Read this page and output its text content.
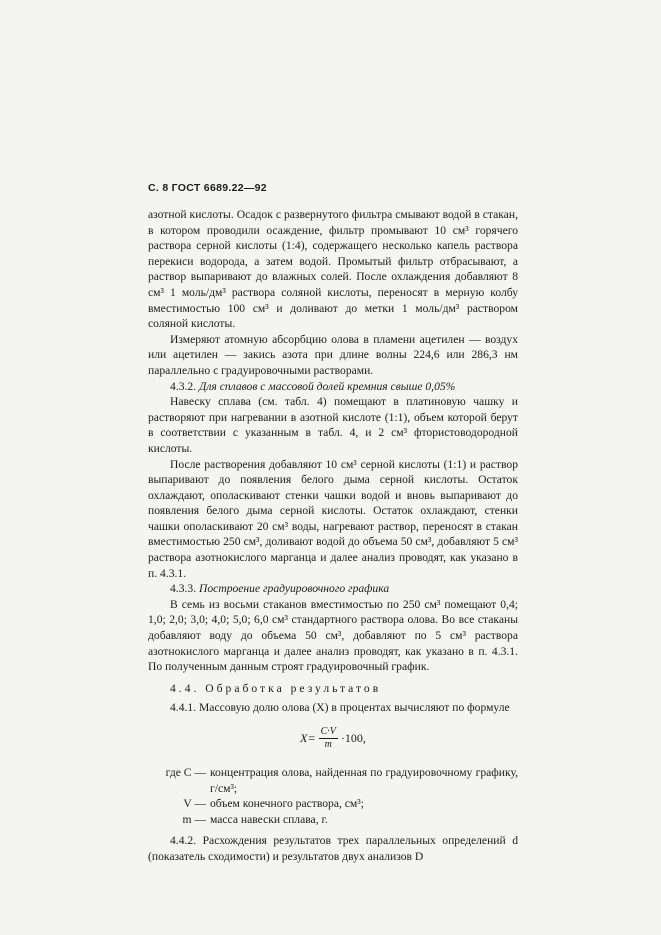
С. 8 ГОСТ 6689.22—92

азотной кислоты. Осадок с развернутого фильтра смывают водой в стакан, в котором проводили осаждение, фильтр промывают 10 см³ горячего раствора серной кислоты (1:4), содержащего несколько капель раствора перекиси водорода, а затем водой. Промытый фильтр отбрасывают, а раствор выпаривают до влажных солей. После охлаждения добавляют 8 см³ 1 моль/дм³ раствора соляной кислоты, переносят в мерную колбу вместимостью 100 см³ и доливают до метки 1 моль/дм³ раствором соляной кислоты.

Измеряют атомную абсорбцию олова в пламени ацетилен — воздух или ацетилен — закись азота при длине волны 224,6 или 286,3 нм параллельно с градуировочными растворами.

4.3.2. Для сплавов с массовой долей кремния свыше 0,05%

Навеску сплава (см. табл. 4) помещают в платиновую чашку и растворяют при нагревании в азотной кислоте (1:1), объем которой берут в соответствии с указанным в табл. 4, и 2 см³ фтористоводородной кислоты.

После растворения добавляют 10 см³ серной кислоты (1:1) и раствор выпаривают до появления белого дыма серной кислоты. Остаток охлаждают, ополаскивают стенки чашки водой и вновь выпаривают до появления белого дыма серной кислоты. Остаток охлаждают, стенки чашки ополаскивают 20 см³ воды, нагревают раствор, переносят в стакан вместимостью 250 см³, доливают водой до объема 50 см³, добавляют 5 см³ раствора азотнокислого марганца и далее анализ проводят, как указано в п. 4.3.1.

4.3.3. Построение градуировочного графика

В семь из восьми стаканов вместимостью по 250 см³ помещают 0,4; 1,0; 2,0; 3,0; 4,0; 5,0; 6,0 см³ стандартного раствора олова. Во все стаканы добавляют воду до объема 50 см³, добавляют по 5 см³ раствора азотнокислого марганца и далее анализ проводят, как указано в п. 4.3.1. По полученным данным строят градуировочный график.

4.4. Обработка результатов

4.4.1. Массовую долю олова (X) в процентах вычисляют по формуле

$X= \frac{C\cdot V}{m} \cdot 100$,
где C — концентрация олова, найденная по градуировочному графику, г/см³;
V — объем конечного раствора, см³;
m — масса навески сплава, г.

4.4.2. Расхождения результатов трех параллельных определений d (показатель сходимости) и результатов двух анализов D
